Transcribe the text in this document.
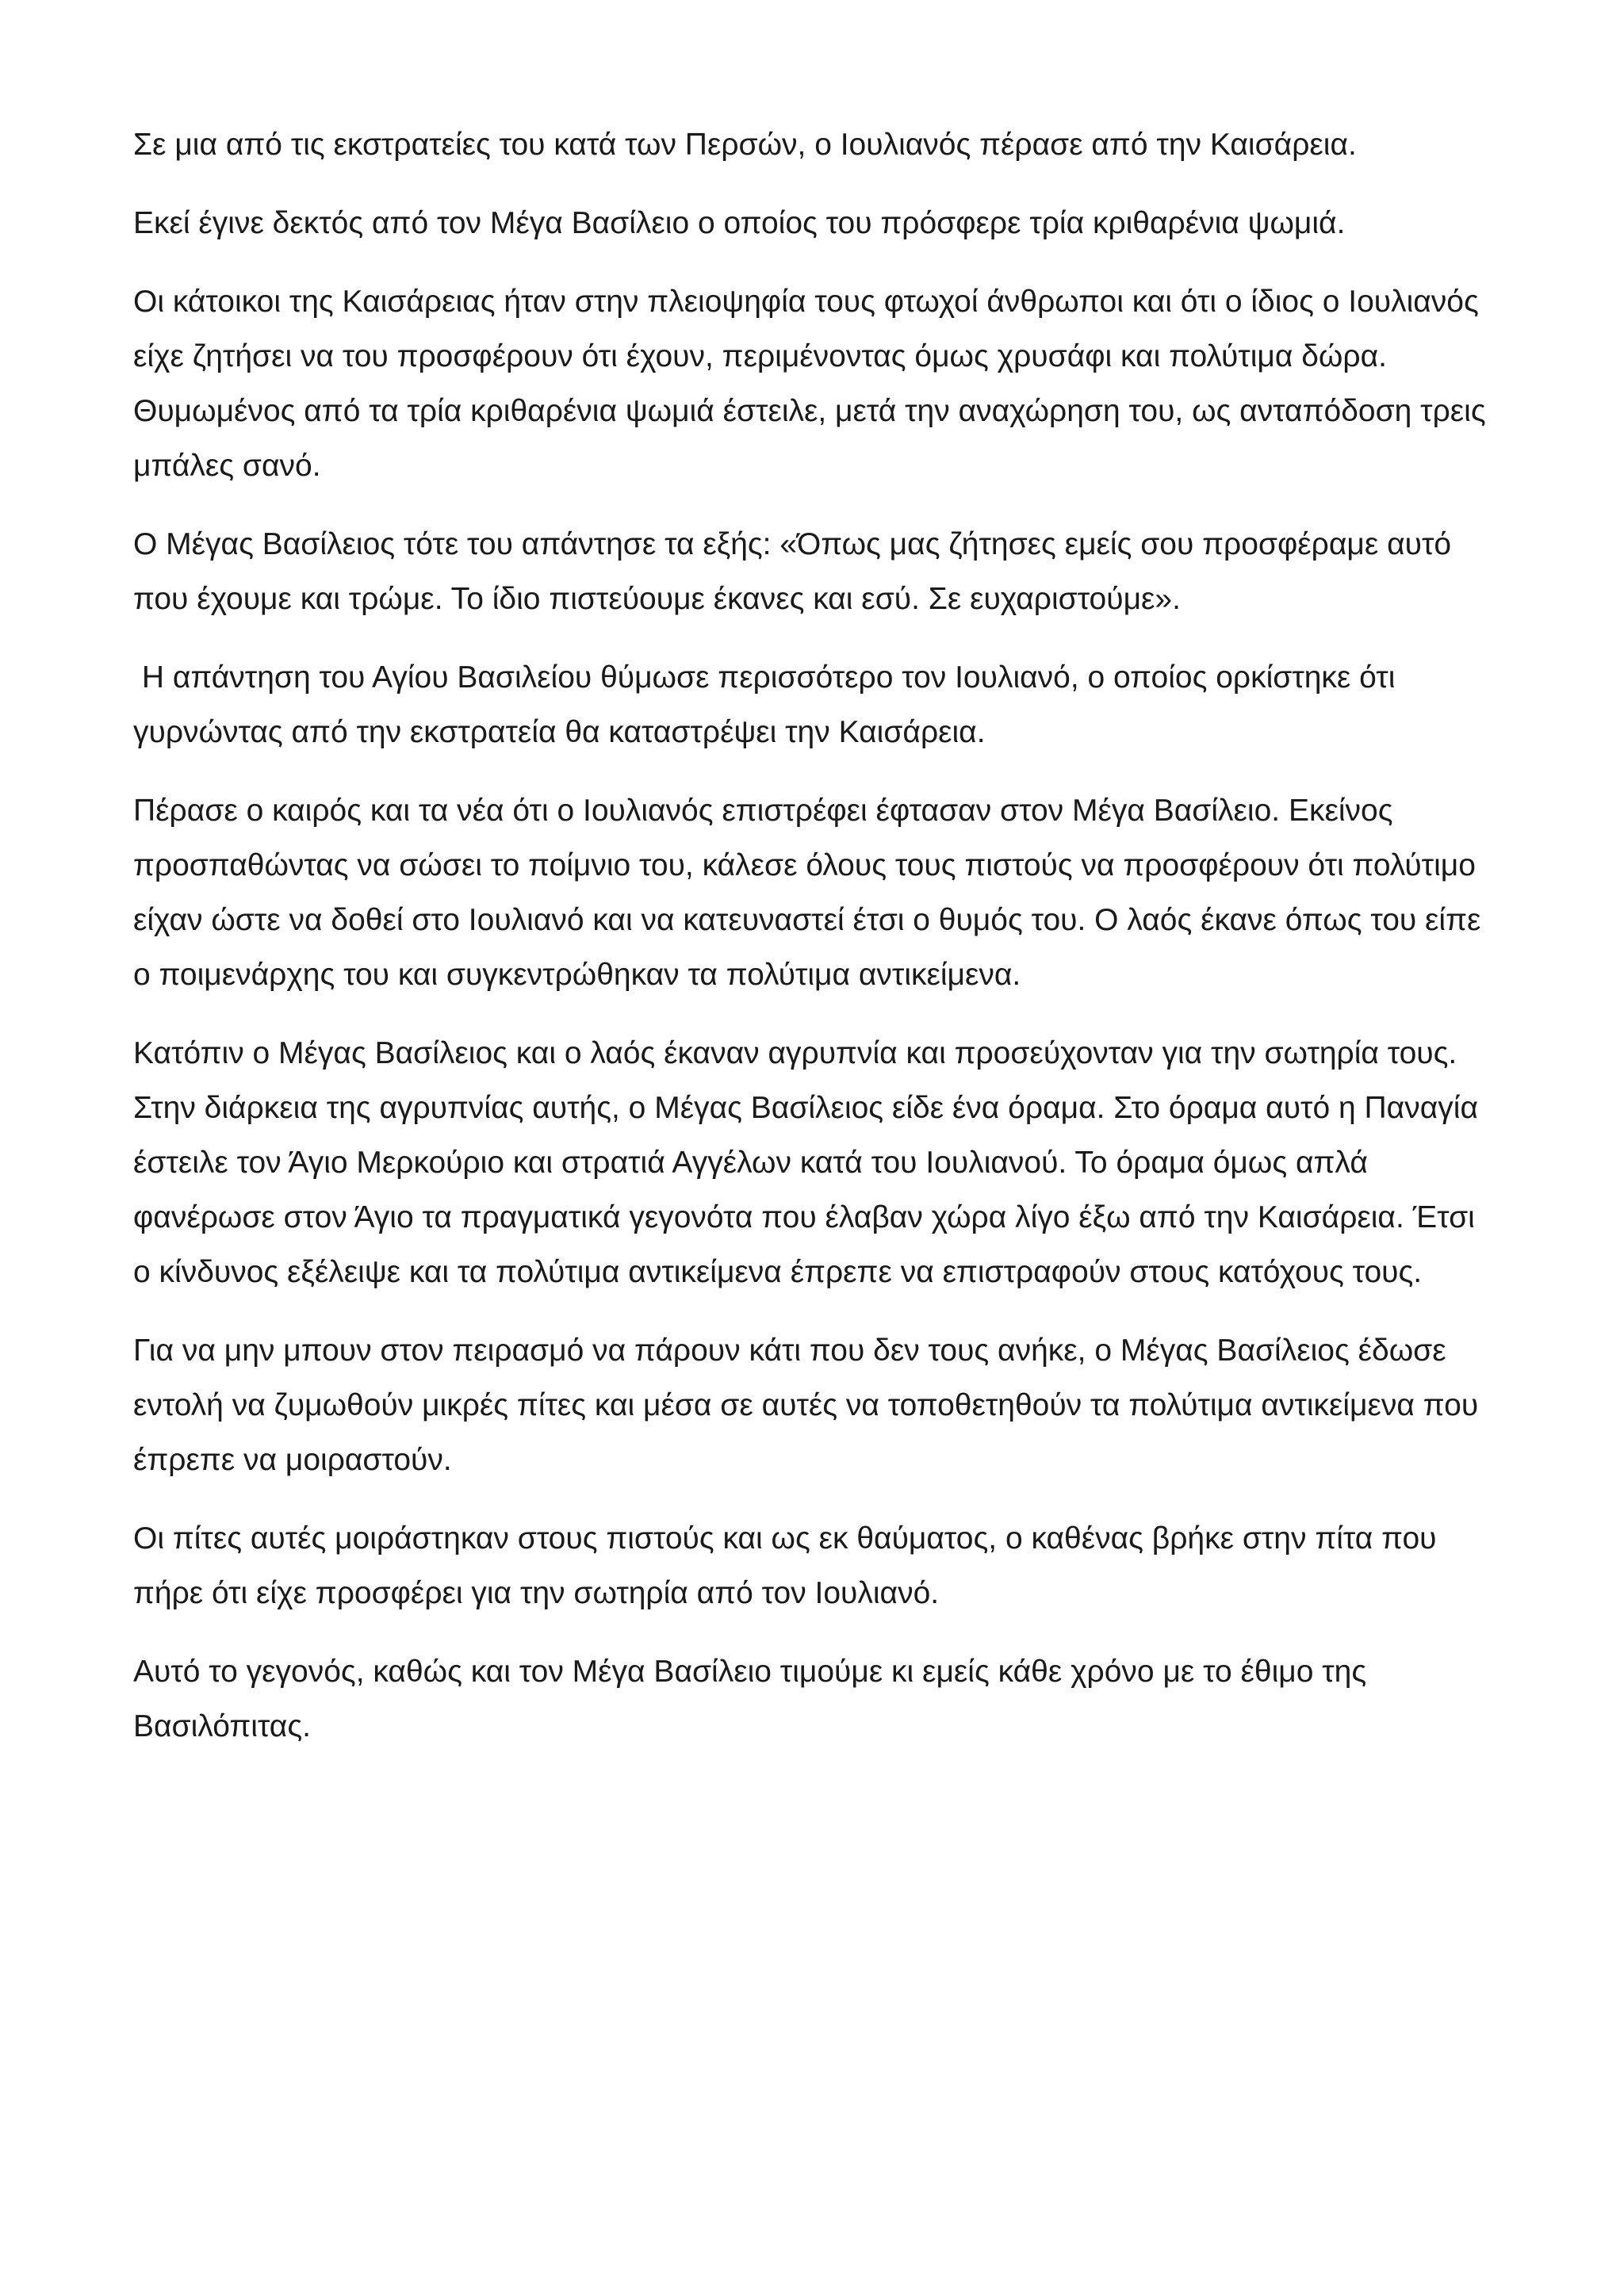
Σε μια από τις εκστρατείες του κατά των Περσών, ο Ιουλιανός πέρασε από την Καισάρεια.

Εκεί έγινε δεκτός από τον Μέγα Βασίλειο ο οποίος του πρόσφερε τρία κριθαρένια ψωμιά.

Οι κάτοικοι της Καισάρειας ήταν στην πλειοψηφία τους φτωχοί άνθρωποι και ότι ο ίδιος ο Ιουλιανός είχε ζητήσει να του προσφέρουν ότι έχουν, περιμένοντας όμως χρυσάφι και πολύτιμα δώρα. Θυμωμένος από τα τρία κριθαρένια ψωμιά έστειλε, μετά την αναχώρηση του, ως ανταπόδοση τρεις μπάλες σανό.

Ο Μέγας Βασίλειος τότε του απάντησε τα εξής: «Όπως μας ζήτησες εμείς σου προσφέραμε αυτό που έχουμε και τρώμε. Το ίδιο πιστεύουμε έκανες και εσύ. Σε ευχαριστούμε».

Η απάντηση του Αγίου Βασιλείου θύμωσε περισσότερο τον Ιουλιανό, ο οποίος ορκίστηκε ότι γυρνώντας από την εκστρατεία θα καταστρέψει την Καισάρεια.

Πέρασε ο καιρός και τα νέα ότι ο Ιουλιανός επιστρέφει έφτασαν στον Μέγα Βασίλειο. Εκείνος προσπαθώντας να σώσει το ποίμνιο του, κάλεσε όλους τους πιστούς να προσφέρουν ότι πολύτιμο είχαν ώστε να δοθεί στο Ιουλιανό και να κατευναστεί έτσι ο θυμός του. Ο λαός έκανε όπως του είπε ο ποιμενάρχης του και συγκεντρώθηκαν τα πολύτιμα αντικείμενα.

Κατόπιν ο Μέγας Βασίλειος και ο λαός έκαναν αγρυπνία και προσεύχονταν για την σωτηρία τους. Στην διάρκεια της αγρυπνίας αυτής, ο Μέγας Βασίλειος είδε ένα όραμα. Στο όραμα αυτό η Παναγία έστειλε τον Άγιο Μερκούριο και στρατιά Αγγέλων κατά του Ιουλιανού. Το όραμα όμως απλά φανέρωσε στον Άγιο τα πραγματικά γεγονότα που έλαβαν χώρα λίγο έξω από την Καισάρεια. Έτσι ο κίνδυνος εξέλειψε και τα πολύτιμα αντικείμενα έπρεπε να επιστραφούν στους κατόχους τους.

Για να μην μπουν στον πειρασμό να πάρουν κάτι που δεν τους ανήκε, ο Μέγας Βασίλειος έδωσε εντολή να ζυμωθούν μικρές πίτες και μέσα σε αυτές να τοποθετηθούν τα πολύτιμα αντικείμενα που έπρεπε να μοιραστούν.

Οι πίτες αυτές μοιράστηκαν στους πιστούς και ως εκ θαύματος, ο καθένας βρήκε στην πίτα που πήρε ότι είχε προσφέρει για την σωτηρία από τον Ιουλιανό.

Αυτό το γεγονός, καθώς και τον Μέγα Βασίλειο τιμούμε κι εμείς κάθε χρόνο με το έθιμο της Βασιλόπιτας.
